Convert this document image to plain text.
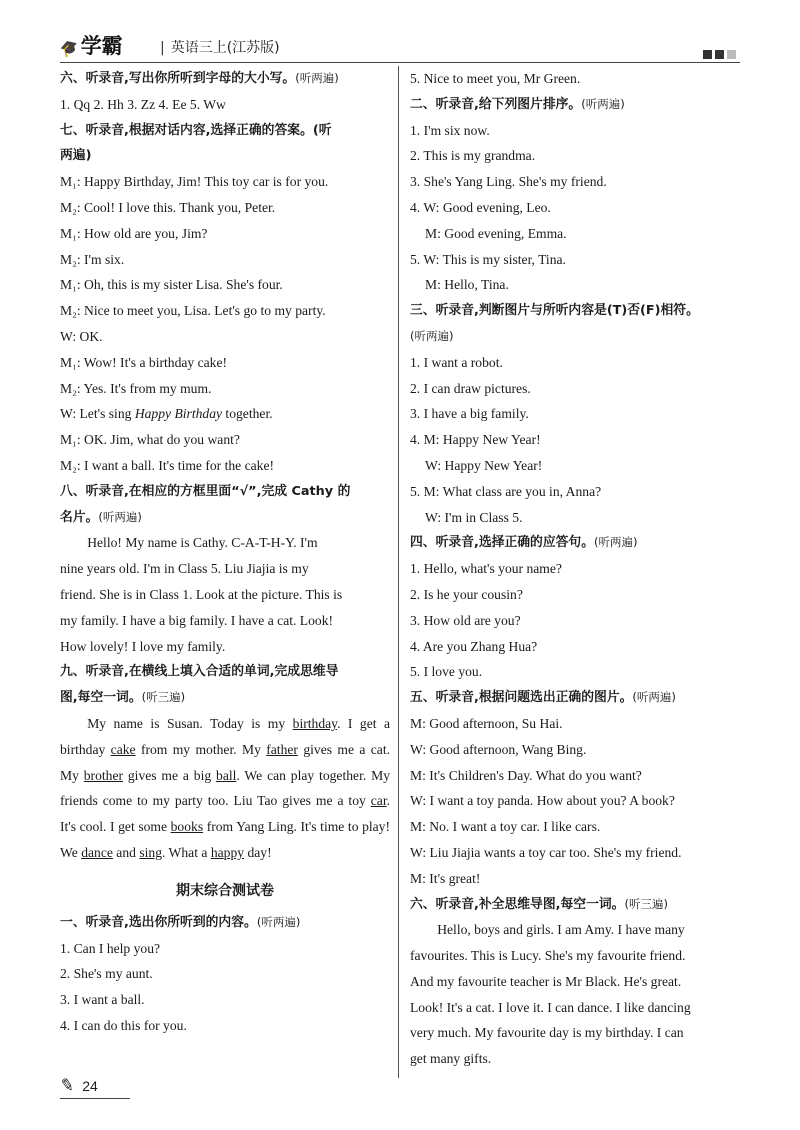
🎓学霸	| 英语三上(江苏版)
六、听录音,写出你所听到字母的大小写。(听两遍)
1. Qq 2. Hh 3. Zz 4. Ee 5. Ww
七、听录音,根据对话内容,选择正确的答案。(听
两遍)
M₁: Happy Birthday, Jim! This toy car is for you.
M₂: Cool! I love this. Thank you, Peter.
M₁: How old are you, Jim?
M₂: I'm six.
M₁: Oh, this is my sister Lisa. She's four.
M₂: Nice to meet you, Lisa. Let's go to my party.
W: OK.
M₁: Wow! It's a birthday cake!
M₂: Yes. It's from my mum.
W: Let's sing Happy Birthday together.
M₁: OK. Jim, what do you want?
M₂: I want a ball. It's time for the cake!
八、听录音,在相应的方框里面“√”,完成 Cathy 的
名片。(听两遍)
Hello! My name is Cathy. C-A-T-H-Y. I'm
nine years old. I'm in Class 5. Liu Jiajia is my
friend. She is in Class 1. Look at the picture. This is
my family. I have a big family. I have a cat. Look!
How lovely! I love my family.
九、听录音,在横线上填入合适的单词,完成思维导
图,每空一词。(听三遍)

My name is Susan. Today is my birthday. I get a birthday cake from my mother. My father gives me a cat. My brother gives me a big ball. We can play together. My friends come to my party too. Liu Tao gives me a toy car. It's cool. I get some books from Yang Ling. It's time to play! We dance and sing. What a happy day!

期末综合测试卷
一、听录音,选出你所听到的内容。(听两遍)
1. Can I help you?
2. She's my aunt.
3. I want a ball.
4. I can do this for you.
5. Nice to meet you, Mr Green.
二、听录音,给下列图片排序。(听两遍)
1. I'm six now.
2. This is my grandma.
3. She's Yang Ling. She's my friend.
4. W: Good evening, Leo.
M: Good evening, Emma.
5. W: This is my sister, Tina.
M: Hello, Tina.
三、听录音,判断图片与所听内容是(T)否(F)相符。
(听两遍)
1. I want a robot.
2. I can draw pictures.
3. I have a big family.
4. M: Happy New Year!
W: Happy New Year!
5. M: What class are you in, Anna?
W: I'm in Class 5.
四、听录音,选择正确的应答句。(听两遍)
1. Hello, what's your name?
2. Is he your cousin?
3. How old are you?
4. Are you Zhang Hua?
5. I love you.
五、听录音,根据问题选出正确的图片。(听两遍)
M: Good afternoon, Su Hai.
W: Good afternoon, Wang Bing.
M: It's Children's Day. What do you want?
W: I want a toy panda. How about you? A book?
M: No. I want a toy car. I like cars.
W: Liu Jiajia wants a toy car too. She's my friend.
M: It's great!
六、听录音,补全思维导图,每空一词。(听三遍)
Hello, boys and girls. I am Amy. I have many
favourites. This is Lucy. She's my favourite friend.
And my favourite teacher is Mr Black. He's great.
Look! It's a cat. I love it. I can dance. I like dancing
very much. My favourite day is my birthday. I can
get many gifts.
✎ 24
